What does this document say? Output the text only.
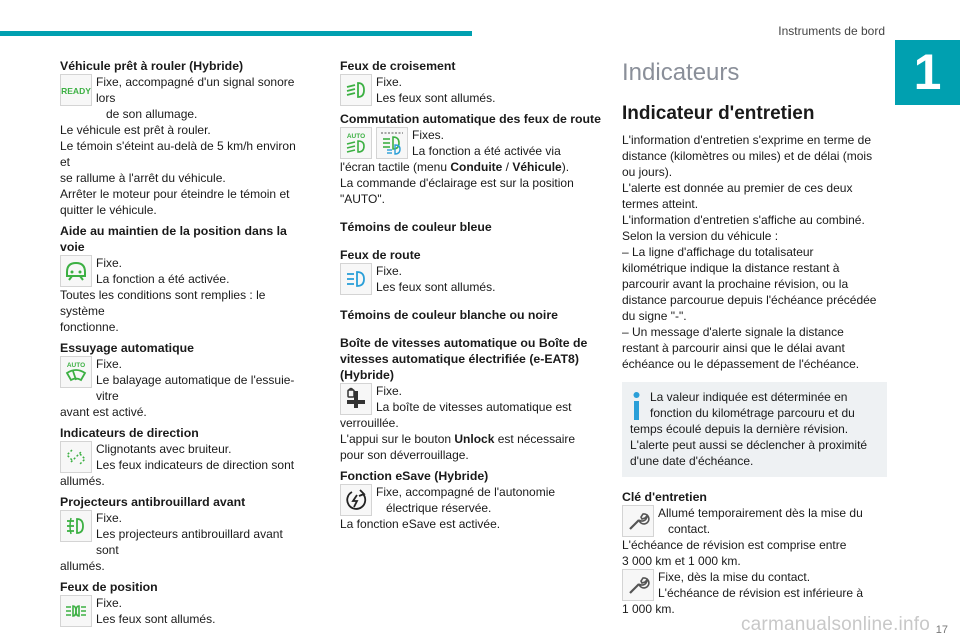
Instruments de bord
1
Véhicule prêt à rouler (Hybride)
READY
Fixe, accompagné d'un signal sonore lors
de son allumage.
Le véhicule est prêt à rouler.
Le témoin s'éteint au-delà de 5 km/h environ et
se rallume à l'arrêt du véhicule.
Arrêter le moteur pour éteindre le témoin et
quitter le véhicule.
Aide au maintien de la position dans la voie
Fixe.
La fonction a été activée.
Toutes les conditions sont remplies : le système
fonctionne.
Essuyage automatique
AUTO Fixe.
Le balayage automatique de l'essuie-vitre
avant est activé.
Indicateurs de direction
Clignotants avec bruiteur.
Les feux indicateurs de direction sont
allumés.
Projecteurs antibrouillard avant
Fixe.
Les projecteurs antibrouillard avant sont
allumés.
Feux de position
Fixe.
Les feux sont allumés.
Feux de croisement
Fixe.
Les feux sont allumés.
Commutation automatique des feux de route
AUTO	Fixes.
La fonction a été activée via
l'écran tactile (menu Conduite / Véhicule).
La commande d'éclairage est sur la position
"AUTO".
Témoins de couleur bleue
Feux de route
Fixe.
Les feux sont allumés.
Témoins de couleur blanche ou noire
Boîte de vitesses automatique ou Boîte de vitesses automatique électrifiée (e-EAT8) (Hybride)
Fixe.
La boîte de vitesses automatique est
verrouillée.
L'appui sur le bouton Unlock est nécessaire
pour son déverrouillage.
Fonction eSave (Hybride)
Fixe, accompagné de l'autonomie
électrique réservée.
La fonction eSave est activée.
Indicateurs
Indicateur d'entretien
L'information d'entretien s'exprime en terme de
distance (kilomètres ou miles) et de délai (mois
ou jours).
L'alerte est donnée au premier de ces deux
termes atteint.
L'information d'entretien s'affiche au combiné.
Selon la version du véhicule :
– La ligne d'affichage du totalisateur
kilométrique indique la distance restant à
parcourir avant la prochaine révision, ou la
distance parcourue depuis l'échéance précédée
du signe "-".
– Un message d'alerte signale la distance
restant à parcourir ainsi que le délai avant
échéance ou le dépassement de l'échéance.
La valeur indiquée est déterminée en
fonction du kilométrage parcouru et du
temps écoulé depuis la dernière révision.
L'alerte peut aussi se déclencher à proximité
d'une date d'échéance.
Clé d'entretien
Allumé temporairement dès la mise du
contact.
L'échéance de révision est comprise entre
3 000 km et 1 000 km.
Fixe, dès la mise du contact.
L'échéance de révision est inférieure à
1 000 km.
carmanualsonline.info 17
